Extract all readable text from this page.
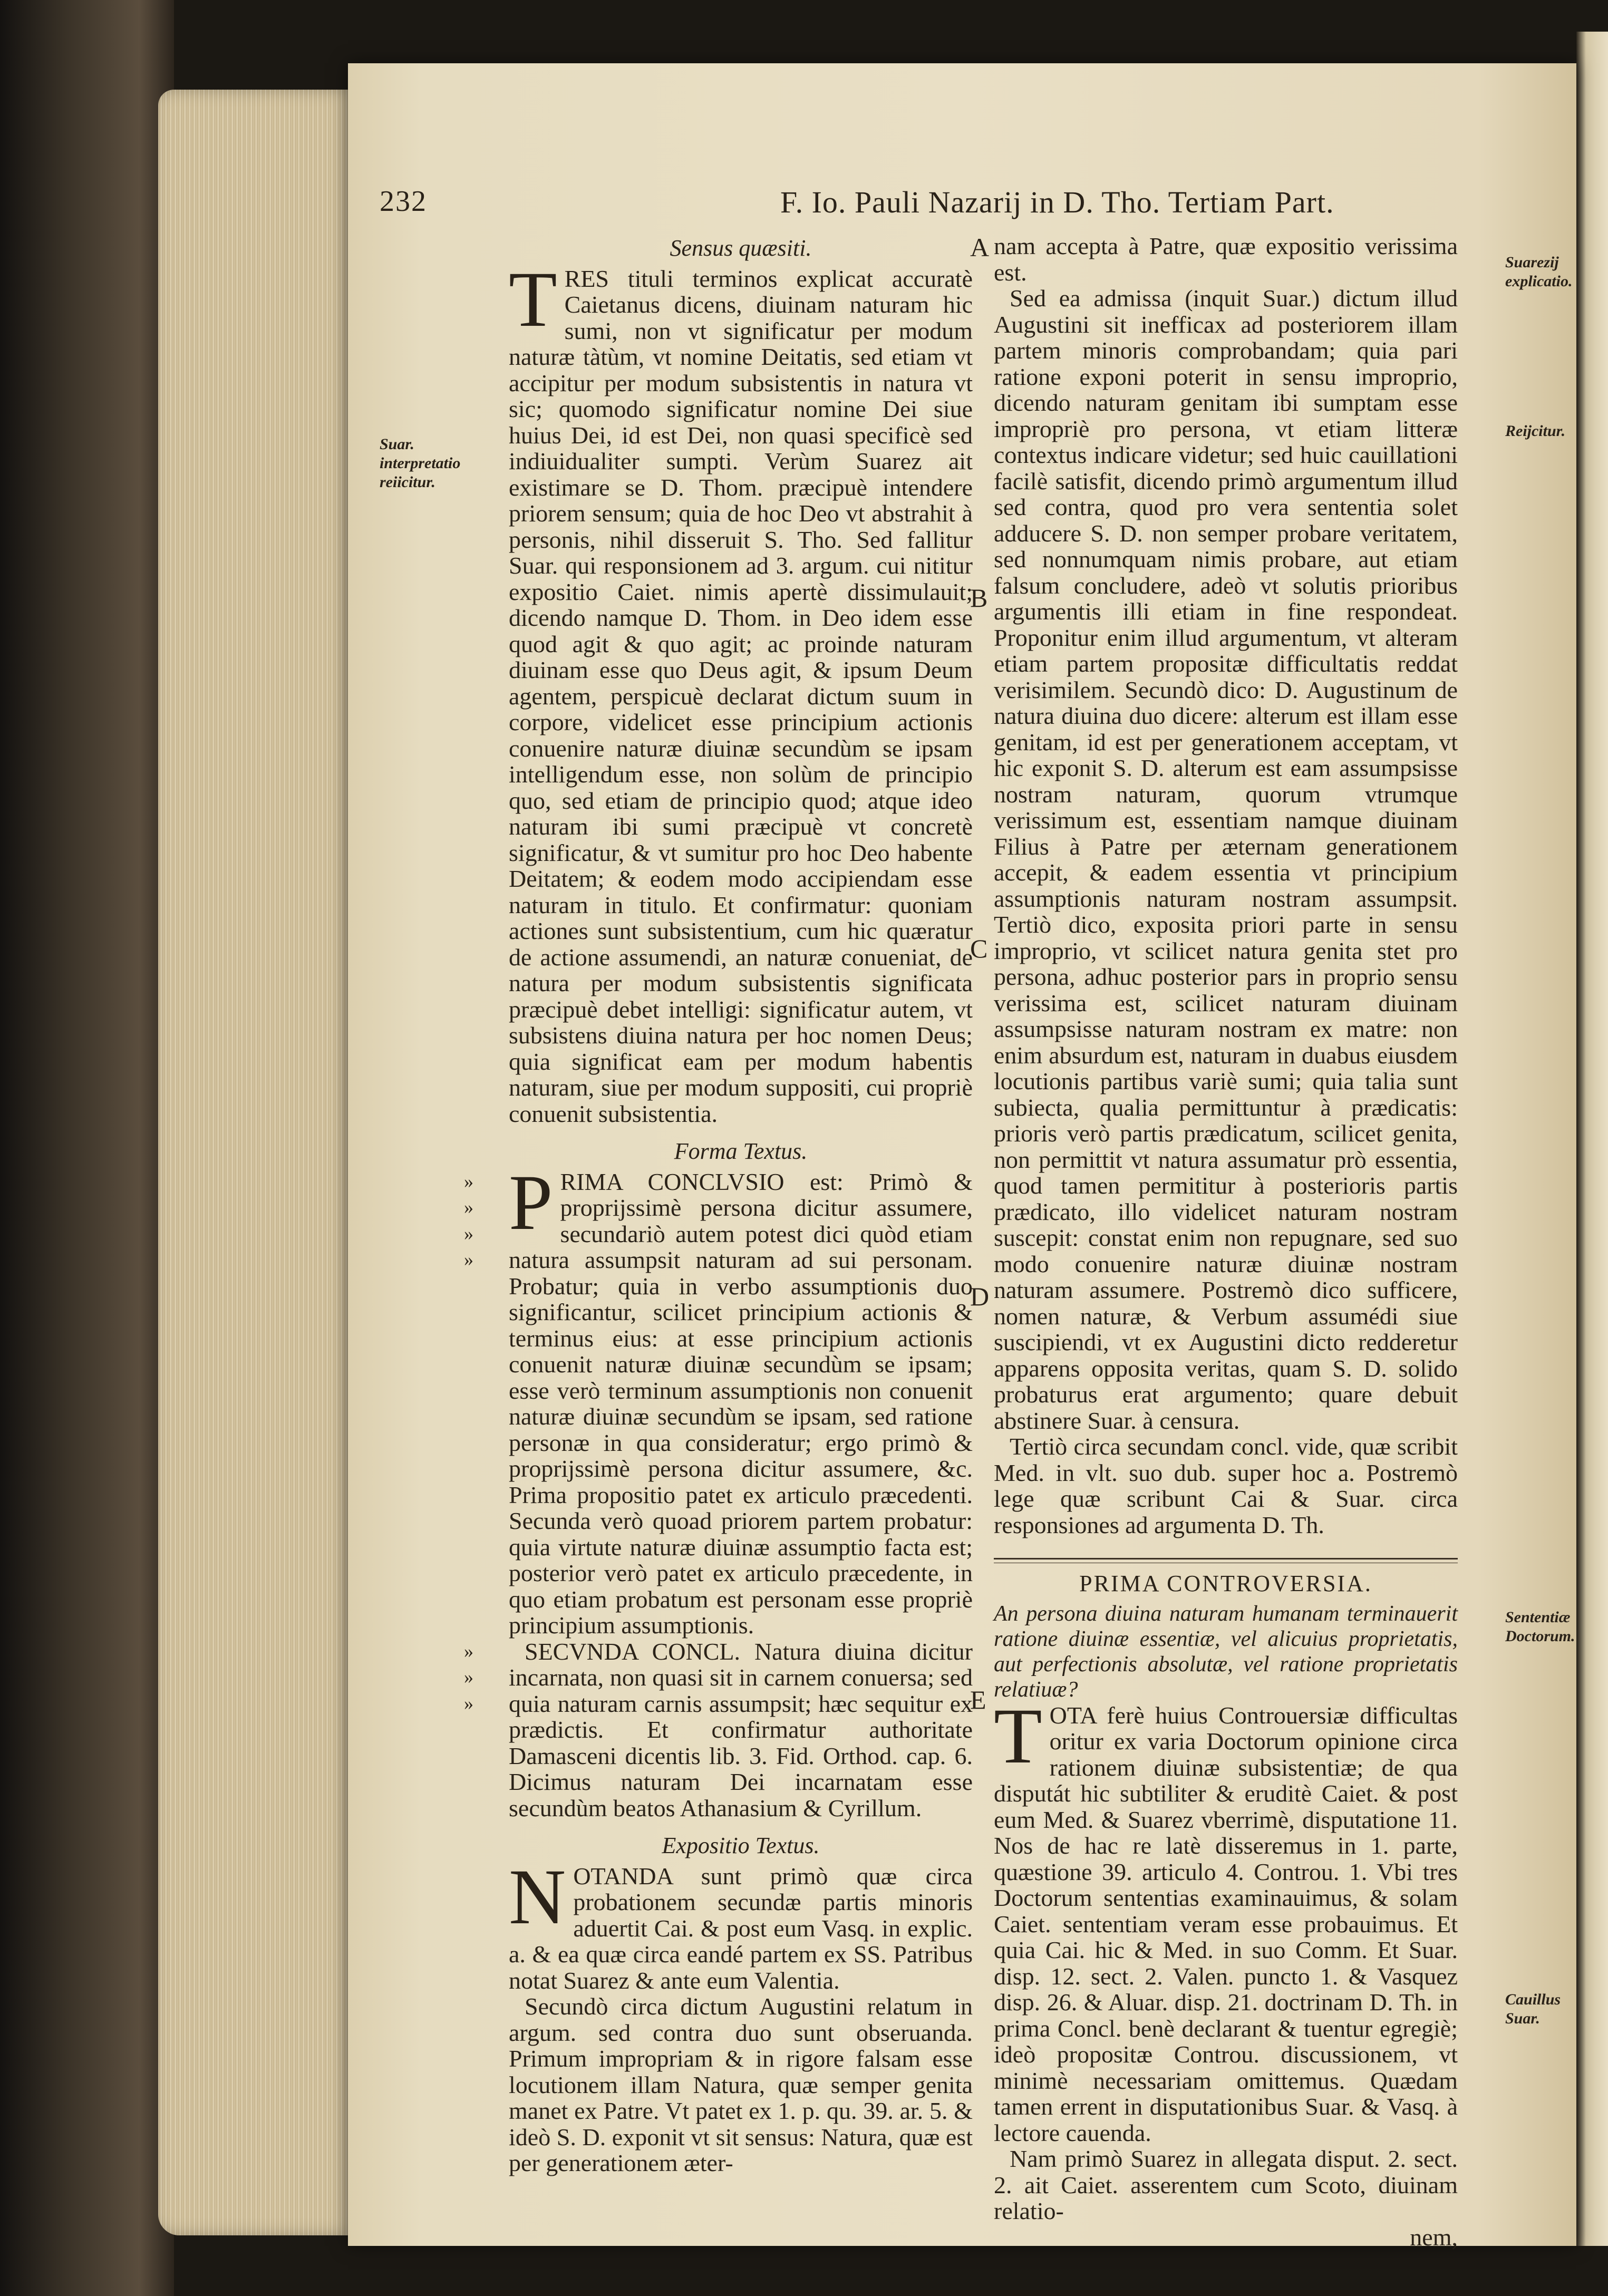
232	F. Io. Pauli Nazarij in D. Tho. Tertiam Part.
A
B
C
D
E
Suar. interpretatio reiicitur.
Suarezij explicatio.
Reijcitur.
Sententiæ Doctorum.
Cauillus Suar.
Sensus quæsiti.

TRES tituli terminos explicat accuratè Caietanus dicens, diuinam naturam hic sumi, non vt significatur per modum naturæ tàtùm, vt nomine Deitatis, sed etiam vt accipitur per modum subsistentis in natura vt sic; quomodo significatur nomine Dei siue huius Dei, id est Dei, non quasi specificè sed indiuidualiter sumpti. Verùm Suarez ait existimare se D. Thom. præcipuè intendere priorem sensum; quia de hoc Deo vt abstrahit à personis, nihil disseruit S. Tho. Sed fallitur Suar. qui responsionem ad 3. argum. cui nititur expositio Caiet. nimis apertè dissimulauit; dicendo namque D. Thom. in Deo idem esse quod agit & quo agit; ac proinde naturam diuinam esse quo Deus agit, & ipsum Deum agentem, perspicuè declarat dictum suum in corpore, videlicet esse principium actionis conuenire naturæ diuinæ secundùm se ipsam intelligendum esse, non solùm de principio quo, sed etiam de principio quod; atque ideo naturam ibi sumi præcipuè vt concretè significatur, & vt sumitur pro hoc Deo habente Deitatem; & eodem modo accipiendam esse naturam in titulo. Et confirmatur: quoniam actiones sunt subsistentium, cum hic quæratur de actione assumendi, an naturæ conueniat, de natura per modum subsistentis significata præcipuè debet intelligi: significatur autem, vt subsistens diuina natura per hoc nomen Deus; quia significat eam per modum habentis naturam, siue per modum suppositi, cui propriè conuenit subsistentia.

Forma Textus.
»
»
»
»

PRIMA CONCLVSIO est: Primò & proprijssimè persona dicitur assumere, secundariò autem potest dici quòd etiam natura assumpsit naturam ad sui personam. Probatur; quia in verbo assumptionis duo significantur, scilicet principium actionis & terminus eius: at esse principium actionis conuenit naturæ diuinæ secundùm se ipsam; esse verò terminum assumptionis non conuenit naturæ diuinæ secundùm se ipsam, sed ratione personæ in qua consideratur; ergo primò & proprijssimè persona dicitur assumere, &c. Prima propositio patet ex articulo præcedenti. Secunda verò quoad priorem partem probatur: quia virtute naturæ diuinæ assumptio facta est; posterior verò patet ex articulo præcedente, in quo etiam probatum est personam esse propriè principium assumptionis.

»
»
»

SECVNDA CONCL. Natura diuina dicitur incarnata, non quasi sit in carnem conuersa; sed quia naturam carnis assumpsit; hæc sequitur ex prædictis. Et confirmatur authoritate Damasceni dicentis lib. 3. Fid. Orthod. cap. 6. Dicimus naturam Dei incarnatam esse secundùm beatos Athanasium & Cyrillum.

Expositio Textus.

NOTANDA sunt primò quæ circa probationem secundæ partis minoris aduertit Cai. & post eum Vasq. in explic. a. & ea quæ circa eandé partem ex SS. Patribus notat Suarez & ante eum Valentia.

Secundò circa dictum Augustini relatum in argum. sed contra duo sunt obseruanda. Primum impropriam & in rigore falsam esse locutionem illam Natura, quæ semper genita manet ex Patre. Vt patet ex 1. p. qu. 39. ar. 5. & ideò S. D. exponit vt sit sensus: Natura, quæ est per generationem æter-

nam accepta à Patre, quæ expositio verissima est.

Sed ea admissa (inquit Suar.) dictum illud Augustini sit inefficax ad posteriorem illam partem minoris comprobandam; quia pari ratione exponi poterit in sensu improprio, dicendo naturam genitam ibi sumptam esse impropriè pro persona, vt etiam litteræ contextus indicare videtur; sed huic cauillationi facilè satisfit, dicendo primò argumentum illud sed contra, quod pro vera sententia solet adducere S. D. non semper probare veritatem, sed nonnumquam nimis probare, aut etiam falsum concludere, adeò vt solutis prioribus argumentis illi etiam in fine respondeat. Proponitur enim illud argumentum, vt alteram etiam partem propositæ difficultatis reddat verisimilem. Secundò dico: D. Augustinum de natura diuina duo dicere: alterum est illam esse genitam, id est per generationem acceptam, vt hic exponit S. D. alterum est eam assumpsisse nostram naturam, quorum vtrumque verissimum est, essentiam namque diuinam Filius à Patre per æternam generationem accepit, & eadem essentia vt principium assumptionis naturam nostram assumpsit. Tertiò dico, exposita priori parte in sensu improprio, vt scilicet natura genita stet pro persona, adhuc posterior pars in proprio sensu verissima est, scilicet naturam diuinam assumpsisse naturam nostram ex matre: non enim absurdum est, naturam in duabus eiusdem locutionis partibus variè sumi; quia talia sunt subiecta, qualia permittuntur à prædicatis: prioris verò partis prædicatum, scilicet genita, non permittit vt natura assumatur prò essentia, quod tamen permititur à posterioris partis prædicato, illo videlicet naturam nostram suscepit: constat enim non repugnare, sed suo modo conuenire naturæ diuinæ nostram naturam assumere. Postremò dico sufficere, nomen naturæ, & Verbum assumédi siue suscipiendi, vt ex Augustini dicto redderetur apparens opposita veritas, quam S. D. solido probaturus erat argumento; quare debuit abstinere Suar. à censura.

Tertiò circa secundam concl. vide, quæ scribit Med. in vlt. suo dub. super hoc a. Postremò lege quæ scribunt Cai & Suar. circa responsiones ad argumenta D. Th.

PRIMA CONTROVERSIA.

An persona diuina naturam humanam terminauerit ratione diuinæ essentiæ, vel alicuius proprietatis, aut perfectionis absolutæ, vel ratione proprietatis relatiuæ?

TOTA ferè huius Controuersiæ difficultas oritur ex varia Doctorum opinione circa rationem diuinæ subsistentiæ; de qua disputát hic subtiliter & eruditè Caiet. & post eum Med. & Suarez vberrimè, disputatione 11. Nos de hac re latè disseremus in 1. parte, quæstione 39. articulo 4. Controu. 1. Vbi tres Doctorum sententias examinauimus, & solam Caiet. sententiam veram esse probauimus. Et quia Cai. hic & Med. in suo Comm. Et Suar. disp. 12. sect. 2. Valen. puncto 1. & Vasquez disp. 26. & Aluar. disp. 21. doctrinam D. Th. in prima Concl. benè declarant & tuentur egregiè; ideò propositæ Controu. discussionem, vt minimè necessariam omittemus. Quædam tamen errent in disputationibus Suar. & Vasq. à lectore cauenda.

Nam primò Suarez in allegata disput. 2. sect. 2. ait Caiet. asserentem cum Scoto, diuinam relatio-

nem,
